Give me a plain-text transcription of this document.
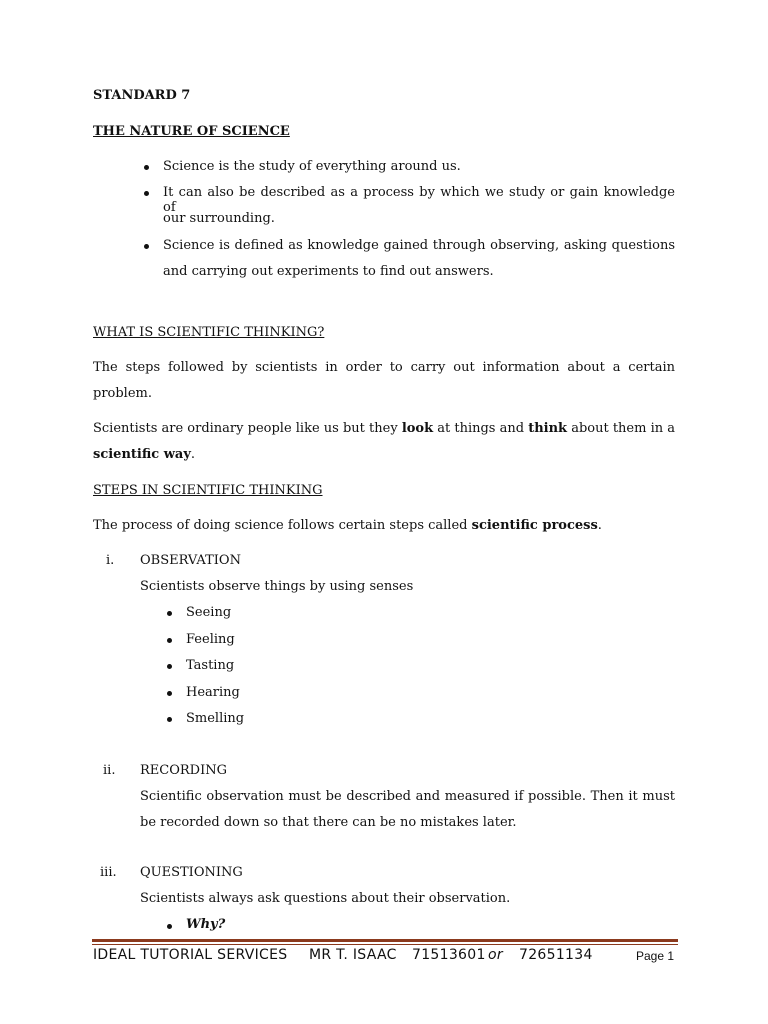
STANDARD 7
THE NATURE OF SCIENCE
Science is the study of everything around us.
It can also be described as a process by which we study or gain knowledge of
our surrounding.
Science is defined as knowledge gained through observing, asking questions
and carrying out experiments to find out answers.
WHAT IS SCIENTIFIC THINKING?
The steps followed by scientists in order to carry out information about a certain
problem.
Scientists are ordinary people like us but they look at things and think about them in a
scientific way.
STEPS IN SCIENTIFIC THINKING
The process of doing science follows certain steps called scientific process.
i. OBSERVATION
Scientists observe things by using senses
Seeing
Feeling
Tasting
Hearing
Smelling
ii. RECORDING
Scientific observation must be described and measured if possible. Then it must
be recorded down so that there can be no mistakes later.
iii. QUESTIONING
Scientists always ask questions about their observation.
Why?
IDEAL TUTORIAL SERVICES MR T. ISAAC 71513601 or 72651134	Page 1
